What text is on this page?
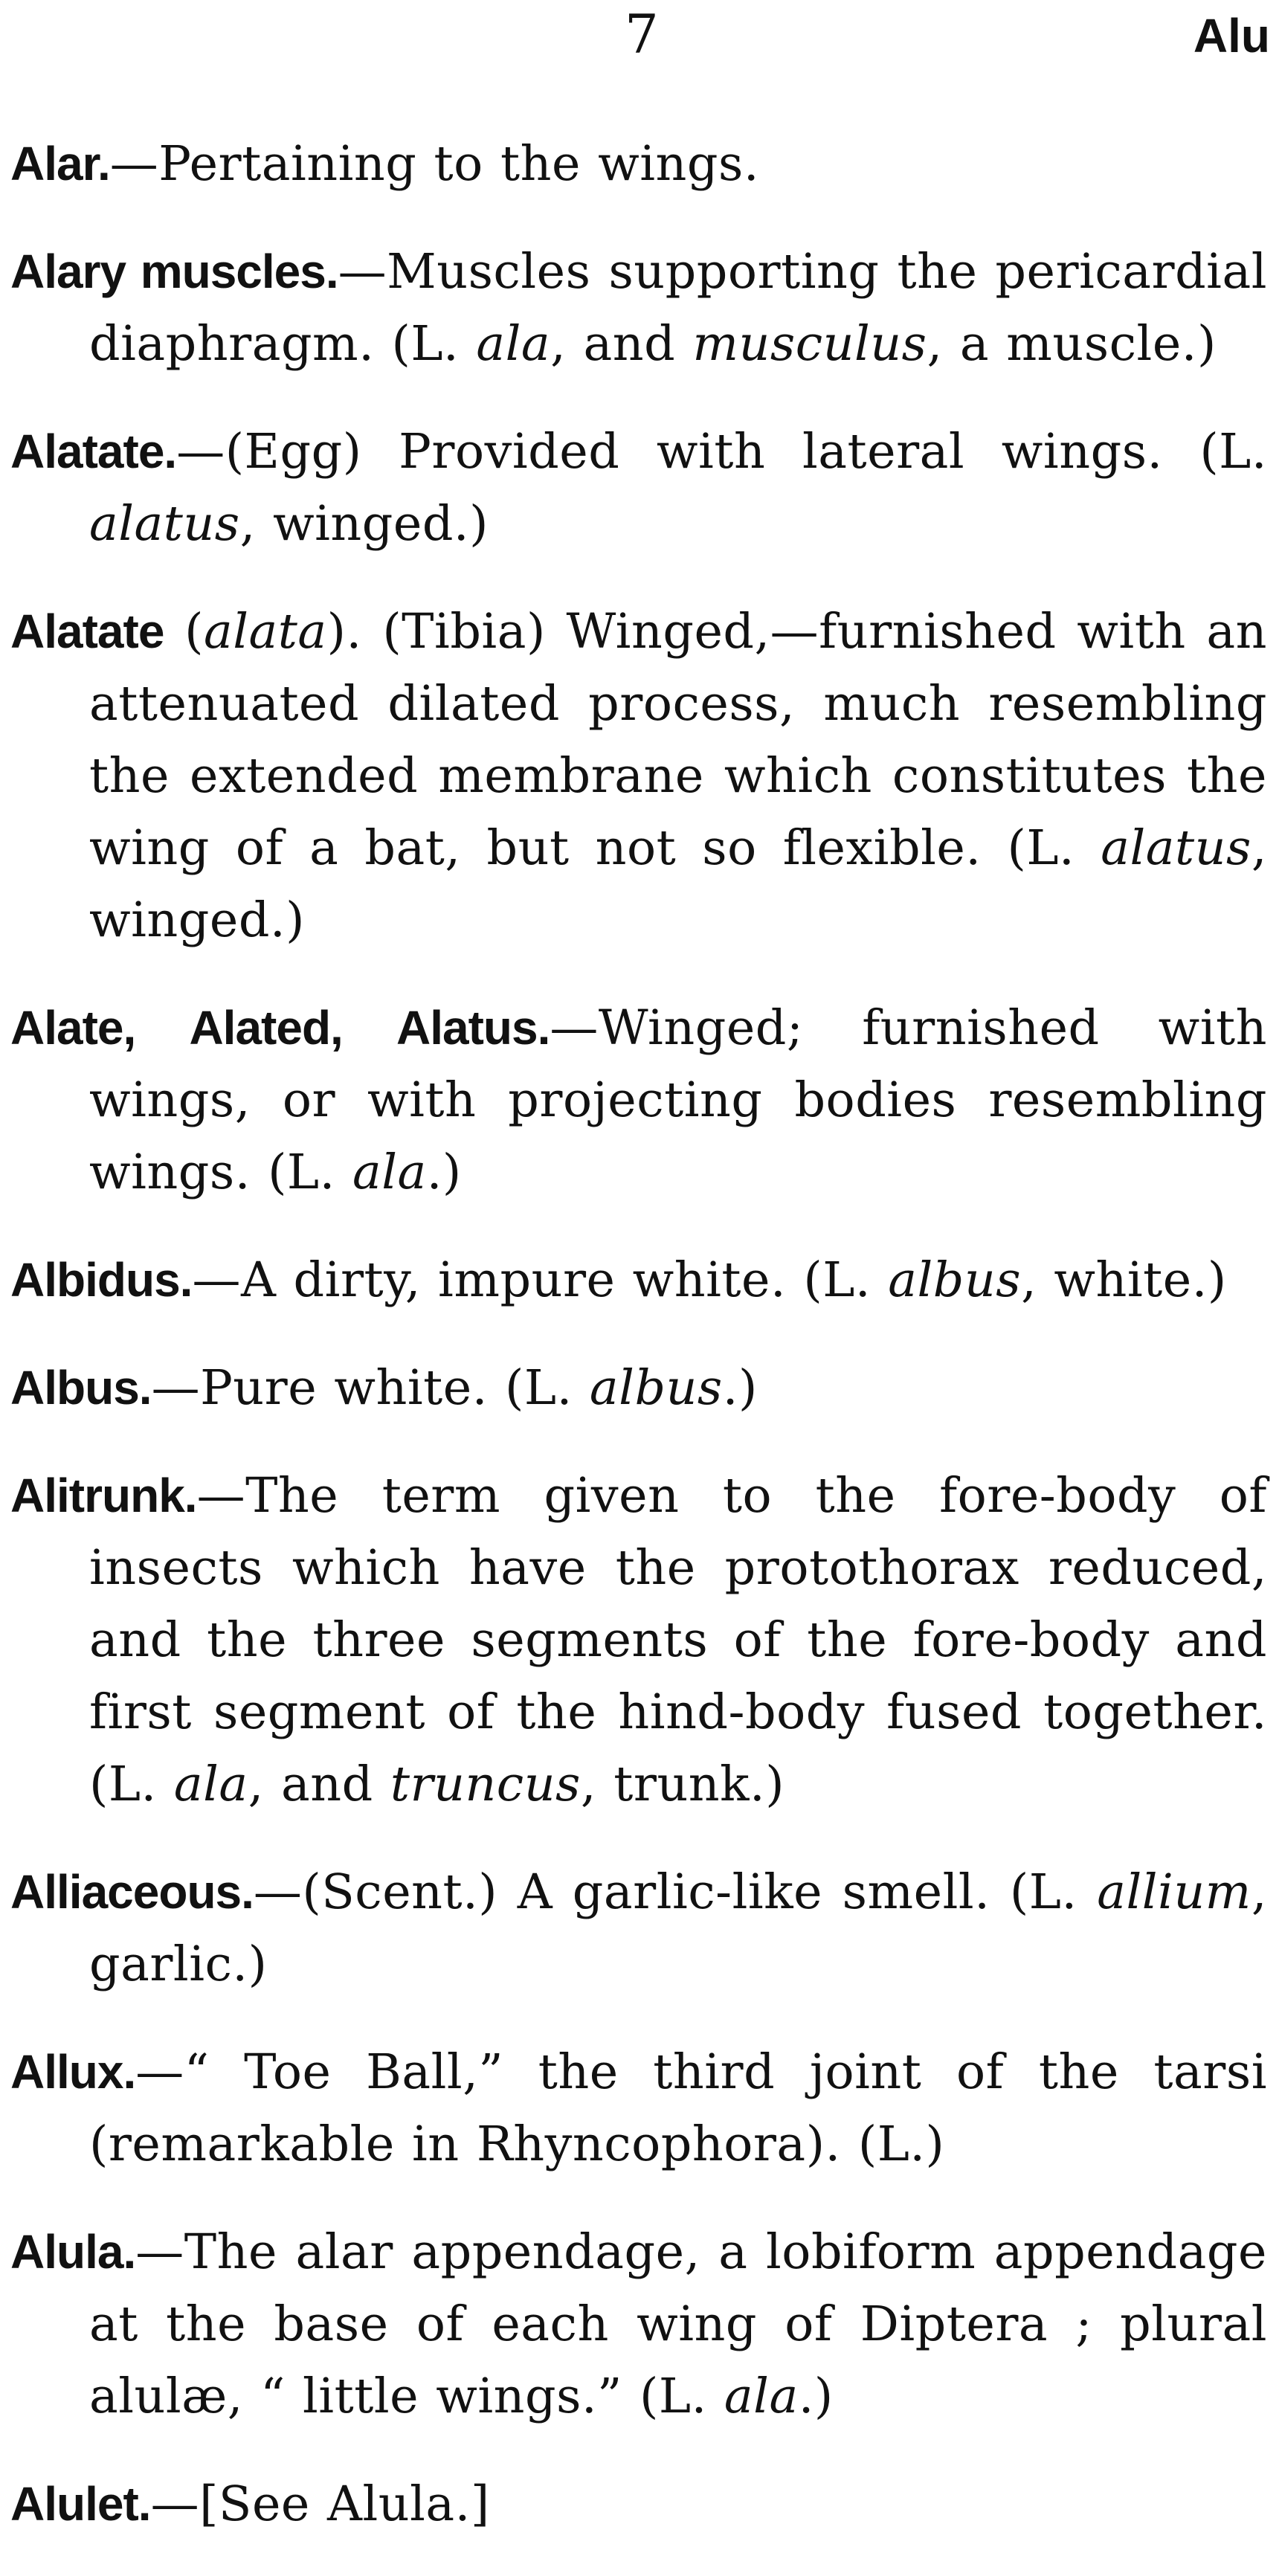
7	Alu

Alar.—Pertaining to the wings.

Alary muscles.—Muscles supporting the pericardial diaphragm. (L. ala, and musculus, a muscle.)

Alatate.—(Egg) Provided with lateral wings. (L. alatus, winged.)

Alatate (alata). (Tibia) Winged,—furnished with an attenuated dilated process, much resembling the extended membrane which constitutes the wing of a bat, but not so flexible. (L. alatus, winged.)

Alate, Alated, Alatus.—Winged; furnished with wings, or with projecting bodies resembling wings. (L. ala.)

Albidus.—A dirty, impure white. (L. albus, white.)

Albus.—Pure white. (L. albus.)

Alitrunk.—The term given to the fore-body of insects which have the protothorax reduced, and the three segments of the fore-body and first segment of the hind-body fused together. (L. ala, and truncus, trunk.)

Alliaceous.—(Scent.) A garlic-like smell. (L. allium, garlic.)

Allux.—“ Toe Ball,” the third joint of the tarsi (remarkable in Rhyncophora). (L.)

Alula.—The alar appendage, a lobiform appendage at the base of each wing of Diptera ; plural alulæ, “ little wings.” (L. ala.)

Alulet.—[See Alula.]
